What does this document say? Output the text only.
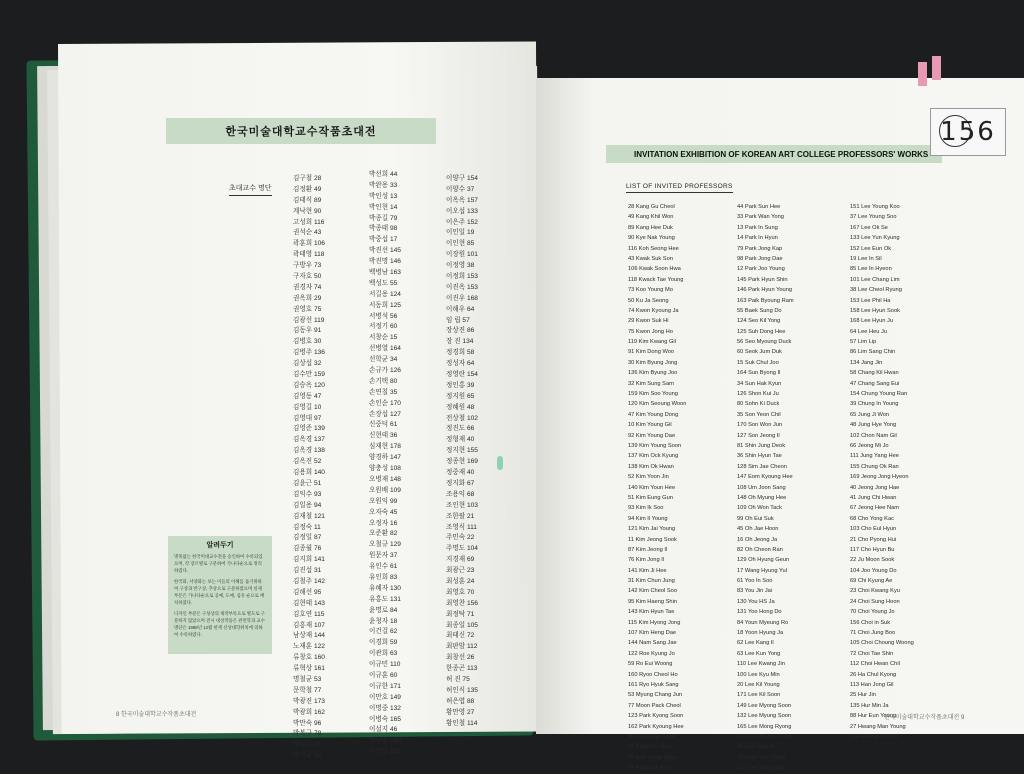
한국미술대학교수작품초대전
초대교수 명단
김구철 28
김정환 49
김태식 89
계낙현 90
고성희 116
권석순 43
곽훈희 106
곽태영 118
구방우 73
구자호 50
권경자 74
권옥희 29
권영호 75
김광선 119
김동우 91
김병호 30
김병주 136
김상섭 32
김수만 159
김승옥 120
김영동 47
김영길 10
김영대 97
김영준 139
김옥경 137
김옥경 138
김옥진 52
김용희 140
김윤근 51
김익수 93
김일용 94
김재철 121
김정숙 11
김정일 87
김종월 76
김지희 141
김진섭 31
김철주 142
김해선 95
김현태 143
김호연 115
김흥재 107
남상재 144
노재훈 122
류창호 160
류혁상 161
명철균 53
문학철 77
박광진 173
박광희 162
박만숙 96
박복규 78
박상무 97
박석균 54
박선희 44
박완용 33
박인성 13
박인현 14
박종길 79
박종태 98
박중섭 17
박진선 145
박진명 146
백병남 163
백성도 55
서길용 124
서동희 125
서병석 56
서정기 60
서창순 15
선병열 164
선학균 34
손규가 126
손기택 80
손연칠 35
손인순 170
손장섭 127
신중덕 61
신현태 36
심재현 178
양경하 147
양충성 108
오병재 148
오원배 109
오원익 99
오자숙 45
오정자 16
오준환 82
오철규 129
원문자 37
유인수 61
유인희 83
유혜자 130
유홍도 131
윤명로 84
윤청자 18
이건걸 62
이경희 59
이관희 63
이규민 110
이규훈 60
이규한 171
이만호 149
이명중 132
이병숙 165
이설지 46
이수철 150
이양상 157
이양구 154
이양수 37
이옥옥 157
이오섭 133
이은주 152
이인일 19
이인현 85
이장원 101
이정영 38
이정희 153
이진옥 153
이진우 168
이해우 64
임 립 57
장상진 86
장 진 134
정경희 58
정성자 64
정영란 154
정인홍 39
정지원 65
정혜원 48
전상철 102
정진도 66
정형재 40
정지현 155
정종현 169
정중재 40
정지화 67
조용익 68
조인현 103
조한팔 21
조영식 111
주민숙 22
주명도 104
지경재 69
최광근 23
최성훈 24
최영호 70
최영찬 156
최정탁 71
최종일 105
최태신 72
최판암 112
최창선 26
한종곤 113
허 진 75
허인식 135
허은엽 88
황만영 27
황인철 114
알려두기

명목없는 한국미대교수전을 승인하여 수록되었으며, 각 장르별로 구분하여 가나다순으로 정리하였다.

한국화, 서양화는 보는 이들의 이해를 돕기위하여 구상과 반구상, 추상으로 구분하였으며 실제 부문은 가나다순으로 공예, 도예, 섬유 순으로 배치하였다.

디자인 부분은 구성상의 제작부록으로 별도로 구분하지 않았으며 전시 대상작품은 관련학과 교수명단은 1988년 12월 현재 신상대학위치에 의하여 수록하였다.

8 한국미술대학교수작품초대전
INVITATION EXHIBITION OF KOREAN ART COLLEGE PROFESSORS' WORKS
LIST OF INVITED PROFESSORS
28 Kang Gu Cheol
49 Kang Khil Won
89 Kang Hee Duk
90 Kye Nak Young
116 Koh Seong Hee
43 Kwak Suk Son
106 Kwak Soon Hwa
118 Kwack Tae Young
73 Koo Young Mo
50 Ku Ja Seong
74 Kwon Kyoung Ja
29 Kwon Suk Hi
75 Kwon Jong Ho
119 Kim Kwang Gil
91 Kim Dong Woo
30 Kim Byung Jong
136 Kim Byung Joo
32 Kim Sung Sam
159 Kim Soo Young
120 Kim Seoung Woon
47 Kim Young Dong
10 Kim Young Gil
92 Kim Young Dae
139 Kim Young Soon
137 Kim Ock Kyung
138 Kim Ok Hwan
52 Kim Yoon Jin
140 Kim Youn Hee
51 Kim Eung Gun
93 Kim Ik Soo
94 Kim Il Young
121 Kim Jai Young
11 Kim Jeong Sook
87 Kim Jeong Il
76 Kim Jong Il
141 Kim Ji Hee
31 Kim Chun Jung
142 Kim Cheol Soo
95 Kim Haeng Shin
143 Kim Hyun Tae
115 Kim Hyong Jong
107 Kim Heng Dae
144 Nam Sang Jae
122 Roe Kyung Jo
59 Ro Eui Woong
160 Ryoo Cheol Ho
161 Ryo Hyuk Sang
53 Myung Chang Jun
77 Moon Pack Cheol
123 Park Kyong Soon
162 Park Kyoung Hee
96 Park Man Sook
78 Park Boc Kyon
97 park Sang Woo
54 Park Suk Kyo
44 Park Sun Hee
33 Park Wan Yong
13 Park In Sung
14 Park In Hyun
79 Park Jong Kap
98 Park Jong Dae
12 Park Joo Young
145 Park Hyun Shin
146 Park Hyun Young
163 Paik Byoung Ram
55 Baek Sung Do
124 Seo Kil Yong
125 Suh Dong Hee
56 Seo Myoung Duck
60 Seok Jum Duk
15 Suk Chul Joo
164 Sun Byong Il
34 Sun Hak Kyun
126 Shon Kui Ju
80 Sohn Ki Duck
35 Son Yeon Chil
170 Son Won Jun
127 Son Jeong Il
81 Shin Jung Deok
36 Shin Hyun Tae
128 Sim Jae Cheon
147 Eom Kyoung Hee
108 Um Joon Sang
148 Oh Myung Hee
109 Oh Won Tack
99 Oh Eui Suk
45 Oh Jae Hoon
16 Oh Jeong Ja
82 Oh Cheon Ran
129 Oh Hyung Geun
17 Wang Hyung Yul
61 Yoo In Soo
83 You Jin Jai
130 You HS Ja
131 Yoo Hong Do
84 Youn Myeung Ro
18 Yoon Hyung Ja
62 Lee Kang Il
63 Lee Kun Yong
110 Lee Kwang Jin
100 Lee Kyu Min
20 Lee Kil Young
171 Lee Kil Soon
149 Lee Myong Soon
132 Lee Myung Soon
165 Lee Mong Ryong
166 Lee Byung Chum
46 Lee Seol Ja
150 Lee Soo Cheol
157 Lee Yang Sup
151 Lee Young Koo
37 Lee Young Soo
167 Lee Ok Se
133 Lee Yun Kyung
152 Lee Eun Ok
19 Lee In Sil
85 Lee In Hyeon
101 Lee Chang Lim
38 Lee Cheol Ryung
153 Lee Phil Ha
158 Lee Hyun Sook
168 Lee Hyun Ju
64 Lee Heu Ju
57 Lim Lip
86 Lim Sang Chin
134 Jang Jin
58 Chang Kil Hwan
47 Chang Sang Eui
154 Chung Young Ran
39 Chung In Young
65 Jung Ji Won
48 Jung Hye Yong
102 Chon Nam Gil
66 Jeong Mi Jo
111 Jung Yang Hee
155 Chung Ok Ran
169 Jeong Jong Hyeon
40 Jeong Jong Hae
41 Jung Chi Hwan
67 Jeong Hee Nam
68 Cho Yong Kac
103 Cho Eul Hyun
21 Cho Pyong Hui
117 Cho Hyun Bu
22 Ju Moon Sook
104 Joo Young Do
69 Chi Kyung Ae
23 Choi Kwang Kyu
24 Choi Sung Hoon
70 Choi Young Jo
156 Choi in Suk
71 Choi Jung Boo
105 Choi Choung Woong
72 Choi Tae Shin
112 Choi Hwan Chil
26 Ha Chul Kyong
113 Han Jong Gil
25 Hur Jin
135 Hur Min Ja
88 Hur Eun Young
27 Hwang Man Young
114 Hwang In Chul
한국미술대학교수작품초대전 9
156
